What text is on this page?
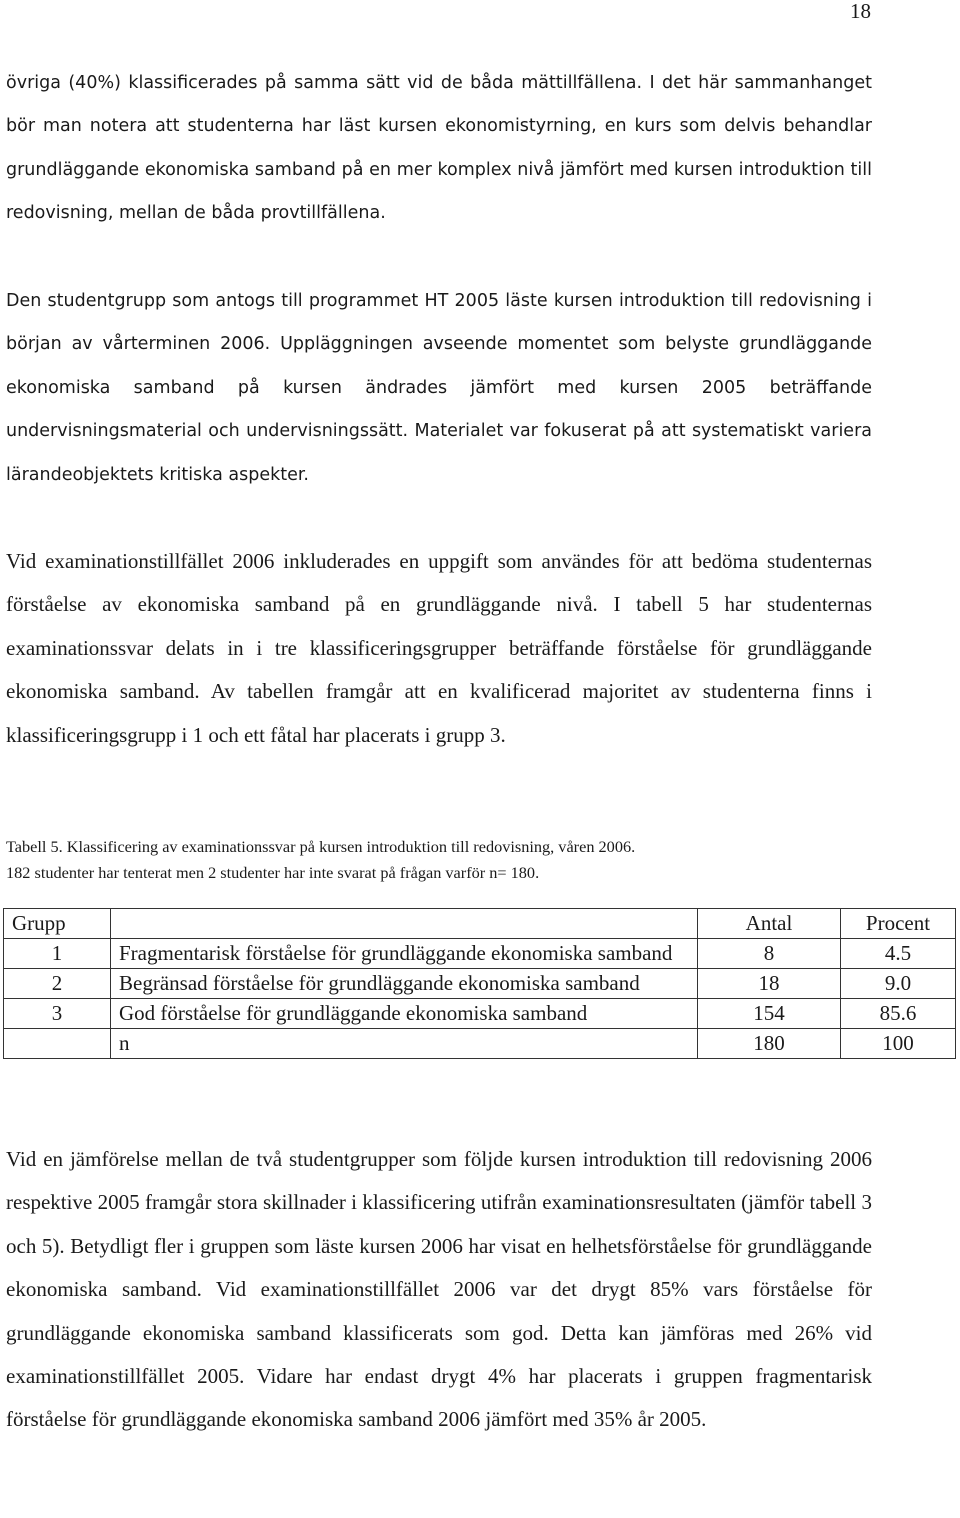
18

övriga (40%) klassificerades på samma sätt vid de båda mättillfällena. I det här sammanhanget bör man notera att studenterna har läst kursen ekonomistyrning, en kurs som delvis behandlar grundläggande ekonomiska samband på en mer komplex nivå jämfört med kursen introduktion till redovisning, mellan de båda provtillfällena.

Den studentgrupp som antogs till programmet HT 2005 läste kursen introduktion till redovisning i början av vårterminen 2006. Uppläggningen avseende momentet som belyste grundläggande ekonomiska samband på kursen ändrades jämfört med kursen 2005 beträffande undervisningsmaterial och undervisningssätt. Materialet var fokuserat på att systematiskt variera lärandeobjektets kritiska aspekter.

Vid examinationstillfället 2006 inkluderades en uppgift som användes för att bedöma studenternas förståelse av ekonomiska samband på en grundläggande nivå. I tabell 5 har studenternas examinationssvar delats in i tre klassificeringsgrupper beträffande förståelse för grundläggande ekonomiska samband. Av tabellen framgår att en kvalificerad majoritet av studenterna finns i klassificeringsgrupp i 1 och ett fåtal har placerats i grupp 3.

Tabell 5. Klassificering av examinationssvar på kursen introduktion till redovisning, våren 2006.
182 studenter har tenterat men 2 studenter har inte svarat på frågan varför n= 180.
Grupp		Antal	Procent
1	Fragmentarisk förståelse för grundläggande ekonomiska samband	8	4.5
2	Begränsad förståelse för grundläggande ekonomiska samband	18	9.0
3	God förståelse för grundläggande ekonomiska samband	154	85.6
	n	180	100

Vid en jämförelse mellan de två studentgrupper som följde kursen introduktion till redovisning 2006 respektive 2005 framgår stora skillnader i klassificering utifrån examinationsresultaten (jämför tabell 3 och 5). Betydligt fler i gruppen som läste kursen 2006 har visat en helhetsförståelse för grundläggande ekonomiska samband. Vid examinationstillfället 2006 var det drygt 85% vars förståelse för grundläggande ekonomiska samband klassificerats som god. Detta kan jämföras med 26% vid examinationstillfället 2005. Vidare har endast drygt 4% har placerats i gruppen fragmentarisk förståelse för grundläggande ekonomiska samband 2006 jämfört med 35% år 2005.
